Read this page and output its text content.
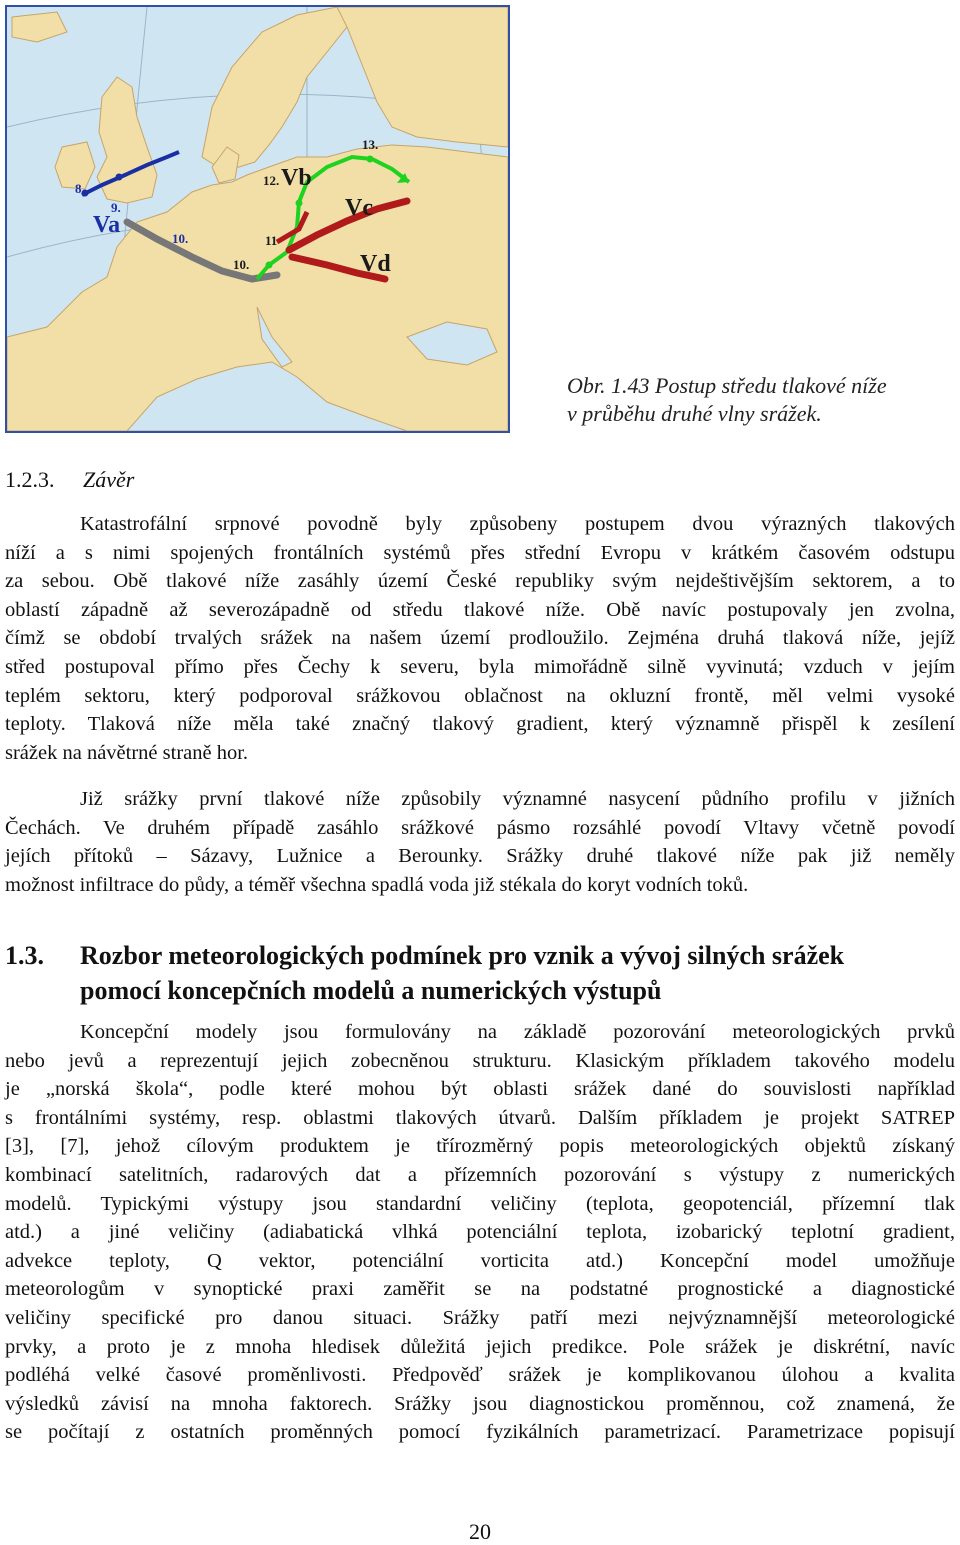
Va
8.
9.
10.
10.
11
12.
13.
Vb
Vc
Vd
Obr. 1.43 Postup středu tlakové níže
v průběhu druhé vlny srážek.
1.2.3. Závěr
Katastrofální srpnové povodně byly způsobeny postupem dvou výrazných tlakových
níží a s nimi spojených frontálních systémů přes střední Evropu v krátkém časovém odstupu
za sebou. Obě tlakové níže zasáhly území České republiky svým nejdeštivějším sektorem, a to
oblastí západně až severozápadně od středu tlakové níže. Obě navíc postupovaly jen zvolna,
čímž se období trvalých srážek na našem území prodloužilo. Zejména druhá tlaková níže, jejíž
střed postupoval přímo přes Čechy k severu, byla mimořádně silně vyvinutá; vzduch v jejím
teplém sektoru, který podporoval srážkovou oblačnost na okluzní frontě, měl velmi vysoké
teploty. Tlaková níže měla také značný tlakový gradient, který významně přispěl k zesílení
srážek na návětrné straně hor.
Již srážky první tlakové níže způsobily významné nasycení půdního profilu v jižních
Čechách. Ve druhém případě zasáhlo srážkové pásmo rozsáhlé povodí Vltavy včetně povodí
jejích přítoků – Sázavy, Lužnice a Berounky. Srážky druhé tlakové níže pak již neměly
možnost infiltrace do půdy, a téměř všechna spadlá voda již stékala do koryt vodních toků.
1.3. Rozbor meteorologických podmínek pro vznik a vývoj silných srážek
pomocí koncepčních modelů a numerických výstupů
Koncepční modely jsou formulovány na základě pozorování meteorologických prvků
nebo jevů a reprezentují jejich zobecněnou strukturu. Klasickým příkladem takového modelu
je „norská škola“, podle které mohou být oblasti srážek dané do souvislosti například
s frontálními systémy, resp. oblastmi tlakových útvarů. Dalším příkladem je projekt SATREP
[3], [7], jehož cílovým produktem je třírozměrný popis meteorologických objektů získaný
kombinací satelitních, radarových dat a přízemních pozorování s výstupy z numerických
modelů. Typickými výstupy jsou standardní veličiny (teplota, geopotenciál, přízemní tlak
atd.) a jiné veličiny (adiabatická vlhká potenciální teplota, izobarický teplotní gradient,
advekce teploty, Q vektor, potenciální vorticita atd.) Koncepční model umožňuje
meteorologům v synoptické praxi zaměřit se na podstatné prognostické a diagnostické
veličiny specifické pro danou situaci. Srážky patří mezi nejvýznamnější meteorologické
prvky, a proto je z mnoha hledisek důležitá jejich predikce. Pole srážek je diskrétní, navíc
podléhá velké časové proměnlivosti. Předpověď srážek je komplikovanou úlohou a kvalita
výsledků závisí na mnoha faktorech. Srážky jsou diagnostickou proměnnou, což znamená, že
se počítají z ostatních proměnných pomocí fyzikálních parametrizací. Parametrizace popisují
20
